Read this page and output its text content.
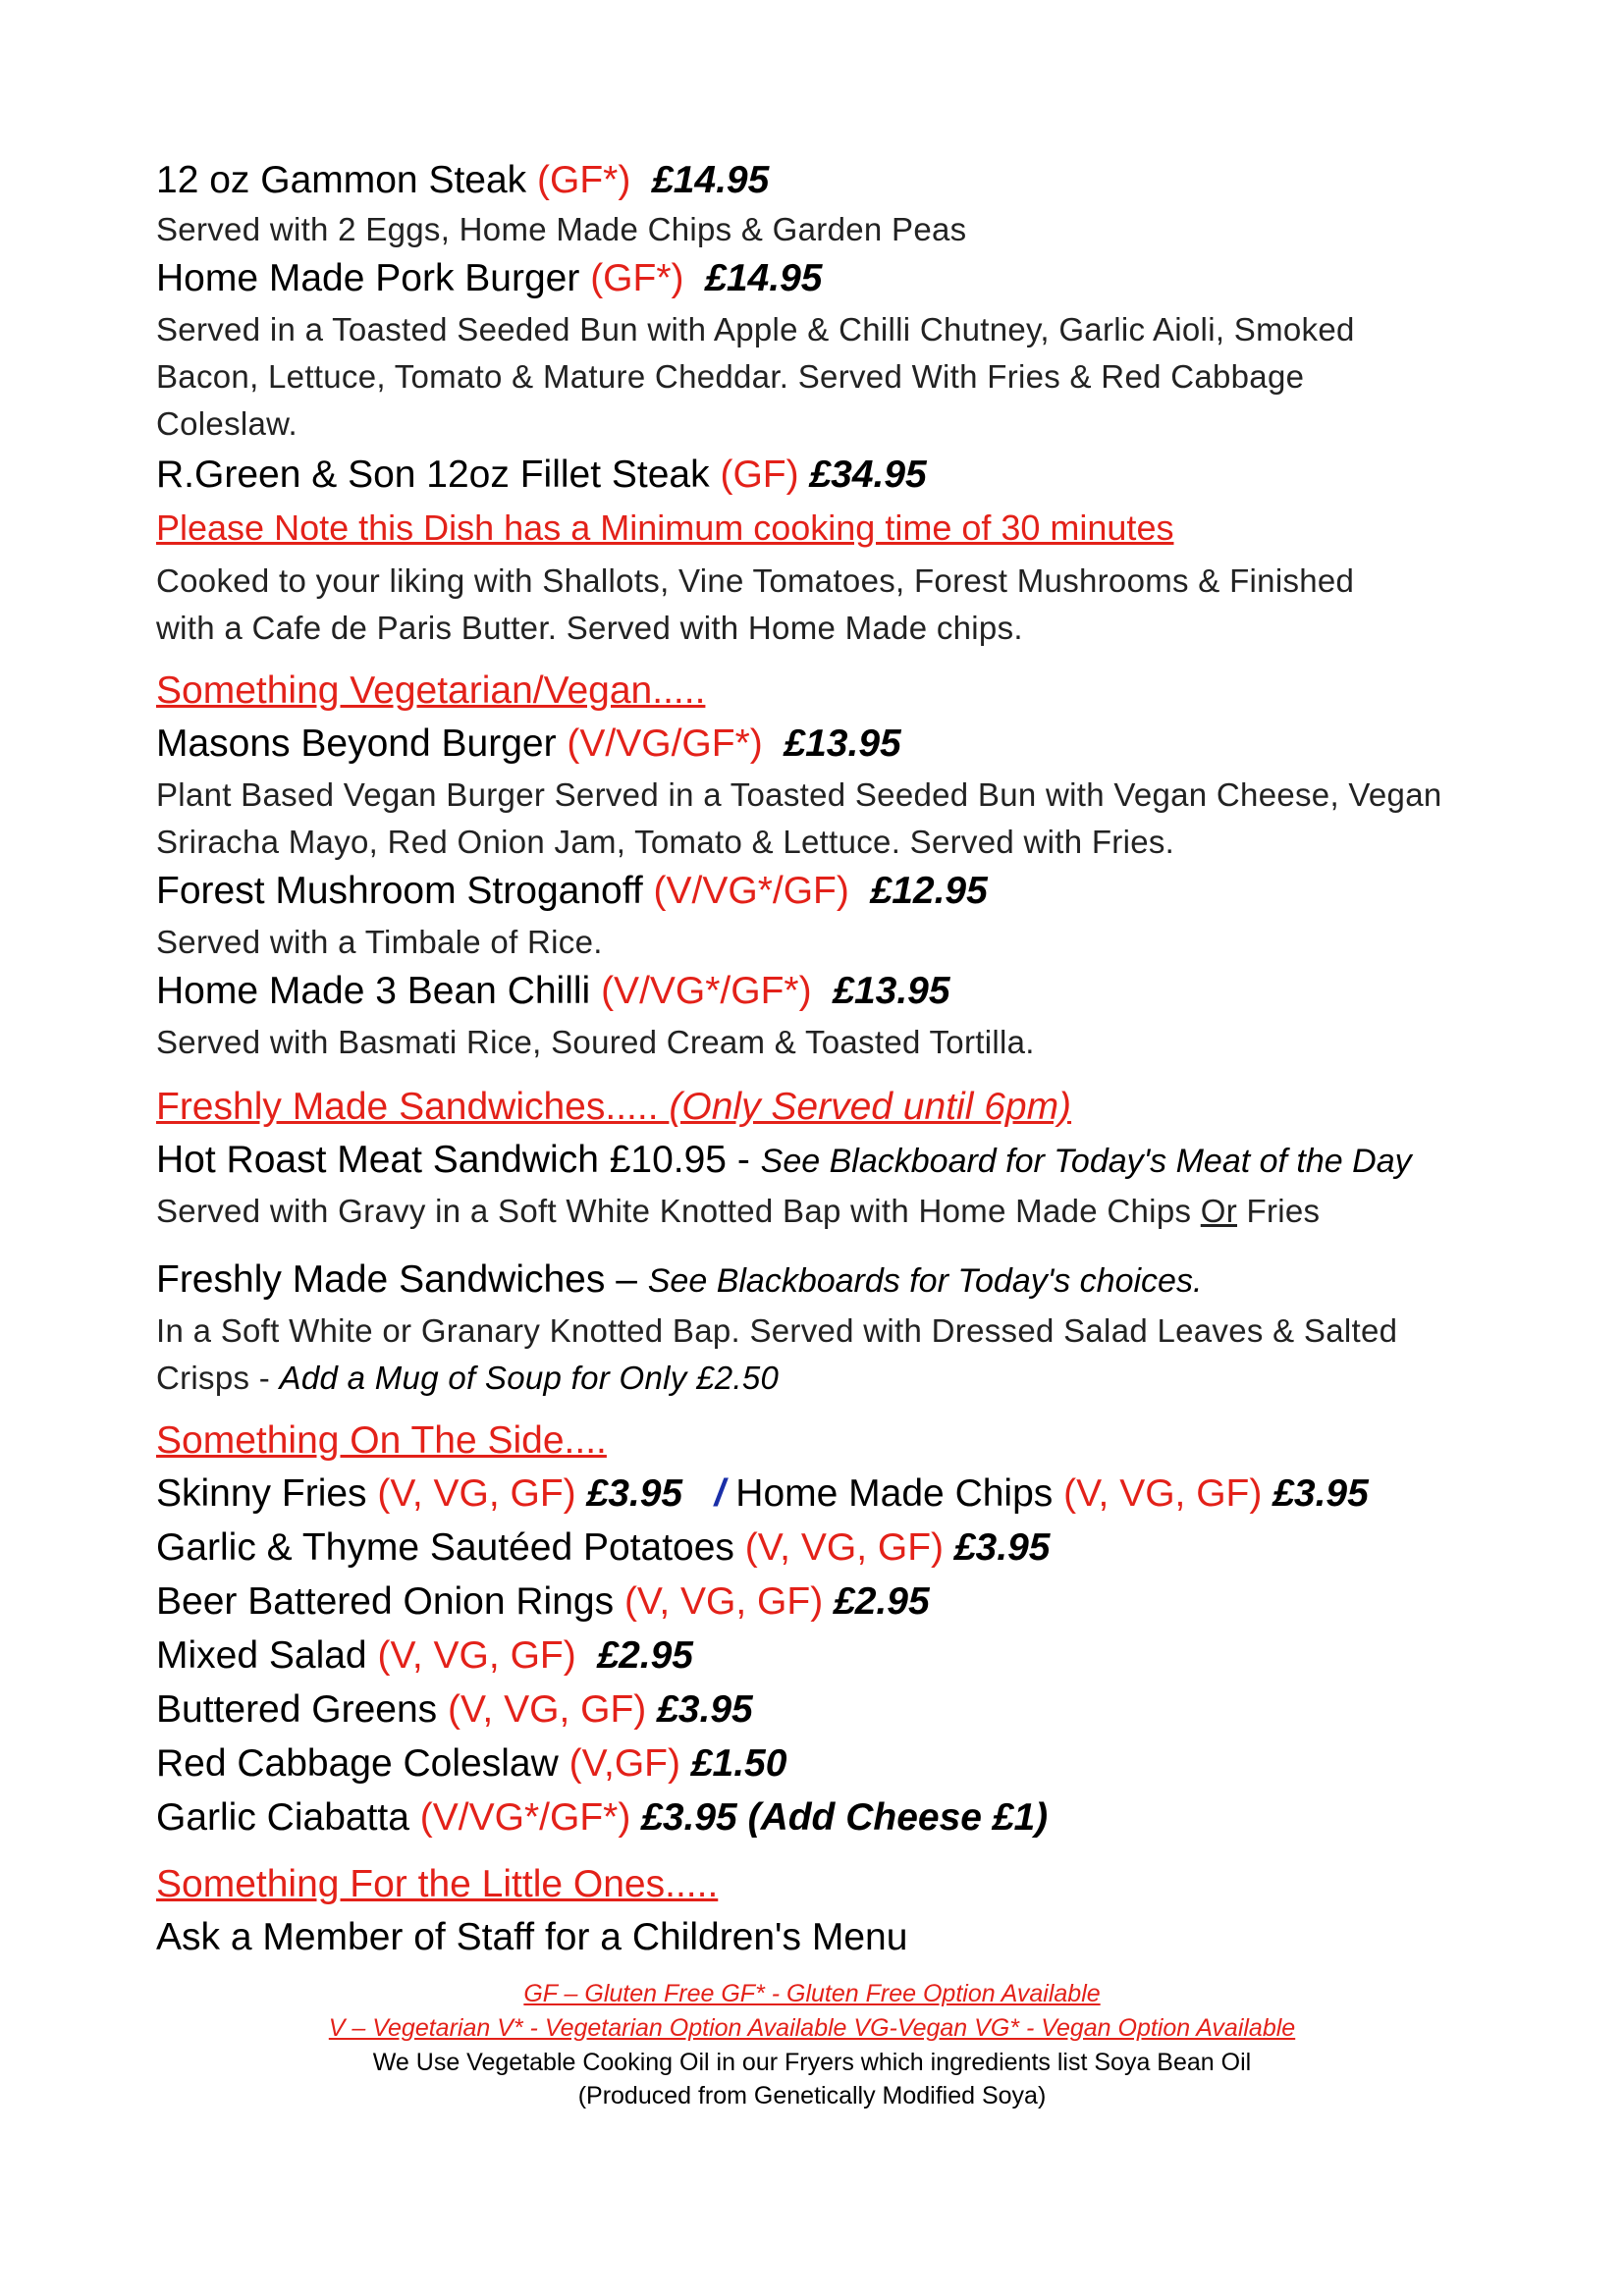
12 oz Gammon Steak (GF*) £14.95
Served with 2 Eggs, Home Made Chips & Garden Peas
Home Made Pork Burger (GF*) £14.95
Served in a Toasted Seeded Bun with Apple & Chilli Chutney, Garlic Aioli, Smoked
Bacon, Lettuce, Tomato & Mature Cheddar. Served With Fries & Red Cabbage
Coleslaw.
R.Green & Son 12oz Fillet Steak (GF) £34.95
Please Note this Dish has a Minimum cooking time of 30 minutes
Cooked to your liking with Shallots, Vine Tomatoes, Forest Mushrooms & Finished
with a Cafe de Paris Butter. Served with Home Made chips.
Something Vegetarian/Vegan.....
Masons Beyond Burger (V/VG/GF*) £13.95
Plant Based Vegan Burger Served in a Toasted Seeded Bun with Vegan Cheese, Vegan
Sriracha Mayo, Red Onion Jam, Tomato & Lettuce. Served with Fries.
Forest Mushroom Stroganoff (V/VG*/GF) £12.95
Served with a Timbale of Rice.
Home Made 3 Bean Chilli (V/VG*/GF*) £13.95
Served with Basmati Rice, Soured Cream & Toasted Tortilla.
Freshly Made Sandwiches..... (Only Served until 6pm)
Hot Roast Meat Sandwich £10.95 - See Blackboard for Today's Meat of the Day
Served with Gravy in a Soft White Knotted Bap with Home Made Chips Or Fries
Freshly Made Sandwiches – See Blackboards for Today's choices.
In a Soft White or Granary Knotted Bap. Served with Dressed Salad Leaves & Salted
Crisps - Add a Mug of Soup for Only £2.50
Something On The Side....
Skinny Fries (V, VG, GF) £3.95 / Home Made Chips (V, VG, GF) £3.95
Garlic & Thyme Sautéed Potatoes (V, VG, GF) £3.95
Beer Battered Onion Rings (V, VG, GF) £2.95
Mixed Salad (V, VG, GF)  £2.95
Buttered Greens (V, VG, GF) £3.95
Red Cabbage Coleslaw (V,GF) £1.50
Garlic Ciabatta (V/VG*/GF*) £3.95 (Add Cheese £1)
Something For the Little Ones.....
Ask a Member of Staff for a Children's Menu
GF – Gluten Free GF* - Gluten Free Option Available
V – Vegetarian V* - Vegetarian Option Available VG-Vegan VG* - Vegan Option Available
We Use Vegetable Cooking Oil in our Fryers which ingredients list Soya Bean Oil
(Produced from Genetically Modified Soya)
